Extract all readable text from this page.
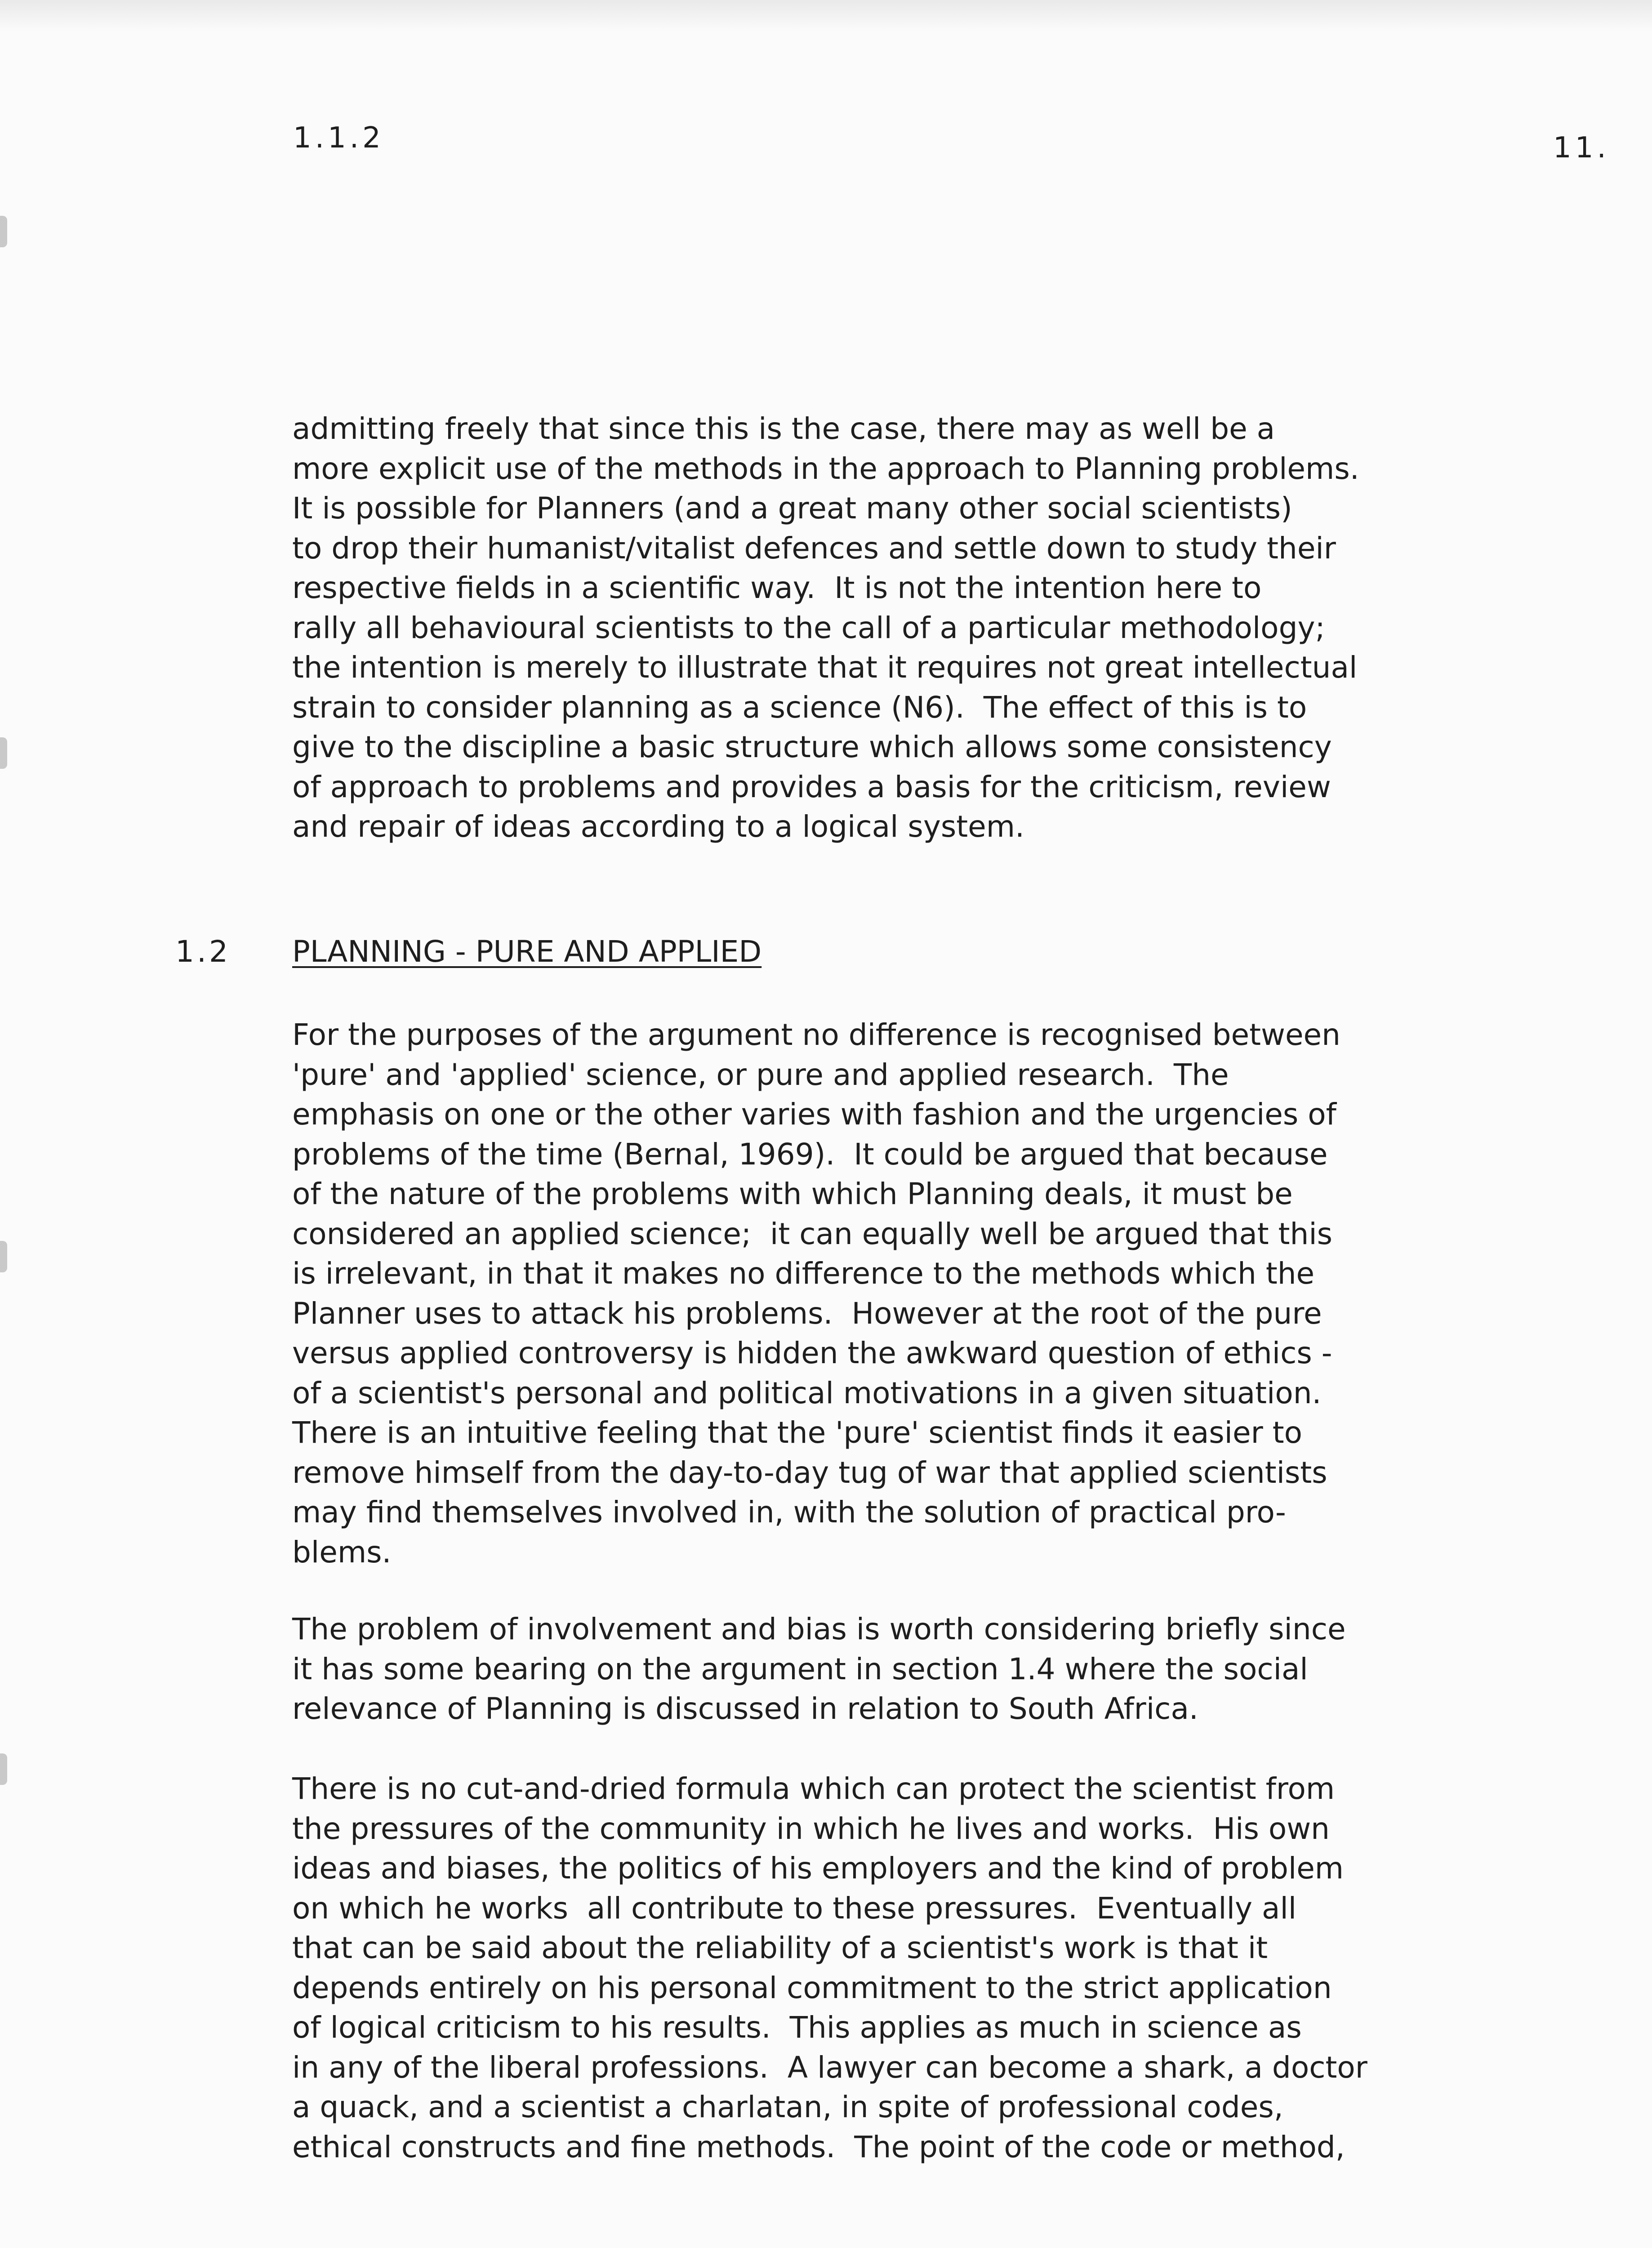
1.1.2	11.

admitting freely that since this is the case, there may as well be a
more explicit use of the methods in the approach to Planning problems.
It is possible for Planners (and a great many other social scientists)
to drop their humanist/vitalist defences and settle down to study their
respective fields in a scientific way.  It is not the intention here to
rally all behavioural scientists to the call of a particular methodology;
the intention is merely to illustrate that it requires not great intellectual
strain to consider planning as a science (N6).  The effect of this is to
give to the discipline a basic structure which allows some consistency
of approach to problems and provides a basis for the criticism, review
and repair of ideas according to a logical system.

1.2 PLANNING - PURE AND APPLIED

For the purposes of the argument no difference is recognised between
'pure' and 'applied' science, or pure and applied research.  The
emphasis on one or the other varies with fashion and the urgencies of
problems of the time (Bernal, 1969).  It could be argued that because
of the nature of the problems with which Planning deals, it must be
considered an applied science;  it can equally well be argued that this
is irrelevant, in that it makes no difference to the methods which the
Planner uses to attack his problems.  However at the root of the pure
versus applied controversy is hidden the awkward question of ethics -
of a scientist's personal and political motivations in a given situation.
There is an intuitive feeling that the 'pure' scientist finds it easier to
remove himself from the day-to-day tug of war that applied scientists
may find themselves involved in, with the solution of practical pro-
blems.

The problem of involvement and bias is worth considering briefly since
it has some bearing on the argument in section 1.4 where the social
relevance of Planning is discussed in relation to South Africa.

There is no cut-and-dried formula which can protect the scientist from
the pressures of the community in which he lives and works.  His own
ideas and biases, the politics of his employers and the kind of problem
on which he works  all contribute to these pressures.  Eventually all
that can be said about the reliability of a scientist's work is that it
depends entirely on his personal commitment to the strict application
of logical criticism to his results.  This applies as much in science as
in any of the liberal professions.  A lawyer can become a shark, a doctor
a quack, and a scientist a charlatan, in spite of professional codes,
ethical constructs and fine methods.  The point of the code or method,
